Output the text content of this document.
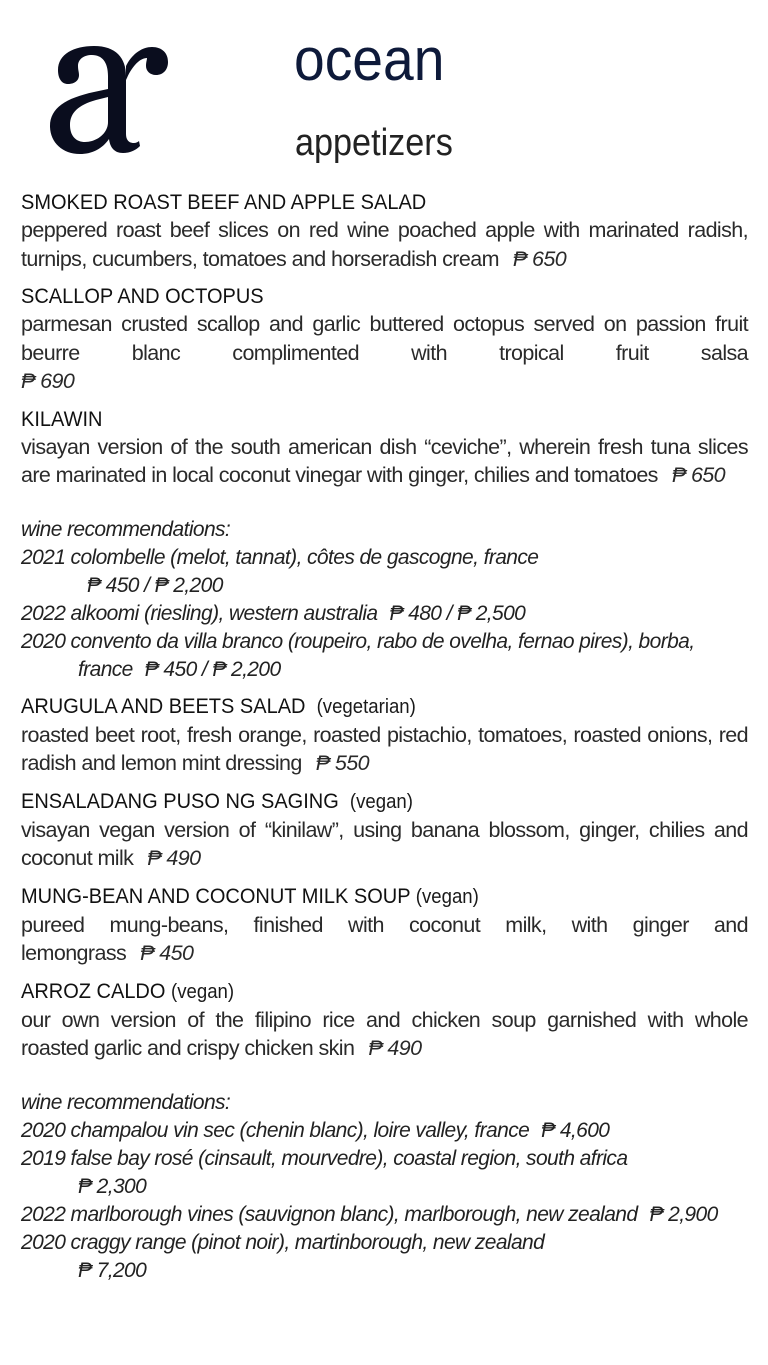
ocean
appetizers
SMOKED ROAST BEEF AND APPLE SALAD
peppered roast beef slices on red wine poached apple with marinated radish, turnips, cucumbers, tomatoes and horseradish cream ₱ 650
SCALLOP AND OCTOPUS
parmesan crusted scallop and garlic buttered octopus served on passion fruit beurre blanc complimented with tropical fruit salsa
₱ 690
KILAWIN
visayan version of the south american dish “ceviche”, wherein fresh tuna slices are marinated in local coconut vinegar with ginger, chilies and tomatoes ₱ 650
wine recommendations:
2021 colombelle (melot, tannat), côtes de gascogne, france
₱ 450 / ₱ 2,200
2022 alkoomi (riesling), western australia ₱ 480 / ₱ 2,500
2020 convento da villa branco (roupeiro, rabo de ovelha, fernao pires), borba, france ₱ 450 / ₱ 2,200
ARUGULA AND BEETS SALAD (vegetarian)
roasted beet root, fresh orange, roasted pistachio, tomatoes, roasted onions, red radish and lemon mint dressing ₱ 550
ENSALADANG PUSO NG SAGING (vegan)
visayan vegan version of “kinilaw”, using banana blossom, ginger, chilies and coconut milk ₱ 490
MUNG-BEAN AND COCONUT MILK SOUP (vegan)
pureed mung-beans, finished with coconut milk, with ginger and lemongrass ₱ 450
ARROZ CALDO (vegan)
our own version of the filipino rice and chicken soup garnished with whole roasted garlic and crispy chicken skin ₱ 490
wine recommendations:
2020 champalou vin sec (chenin blanc), loire valley, france ₱ 4,600
2019 false bay rosé (cinsault, mourvedre), coastal region, south africa
₱ 2,300
2022 marlborough vines (sauvignon blanc), marlborough, new zealand ₱ 2,900
2020 craggy range (pinot noir), martinborough, new zealand
₱ 7,200
